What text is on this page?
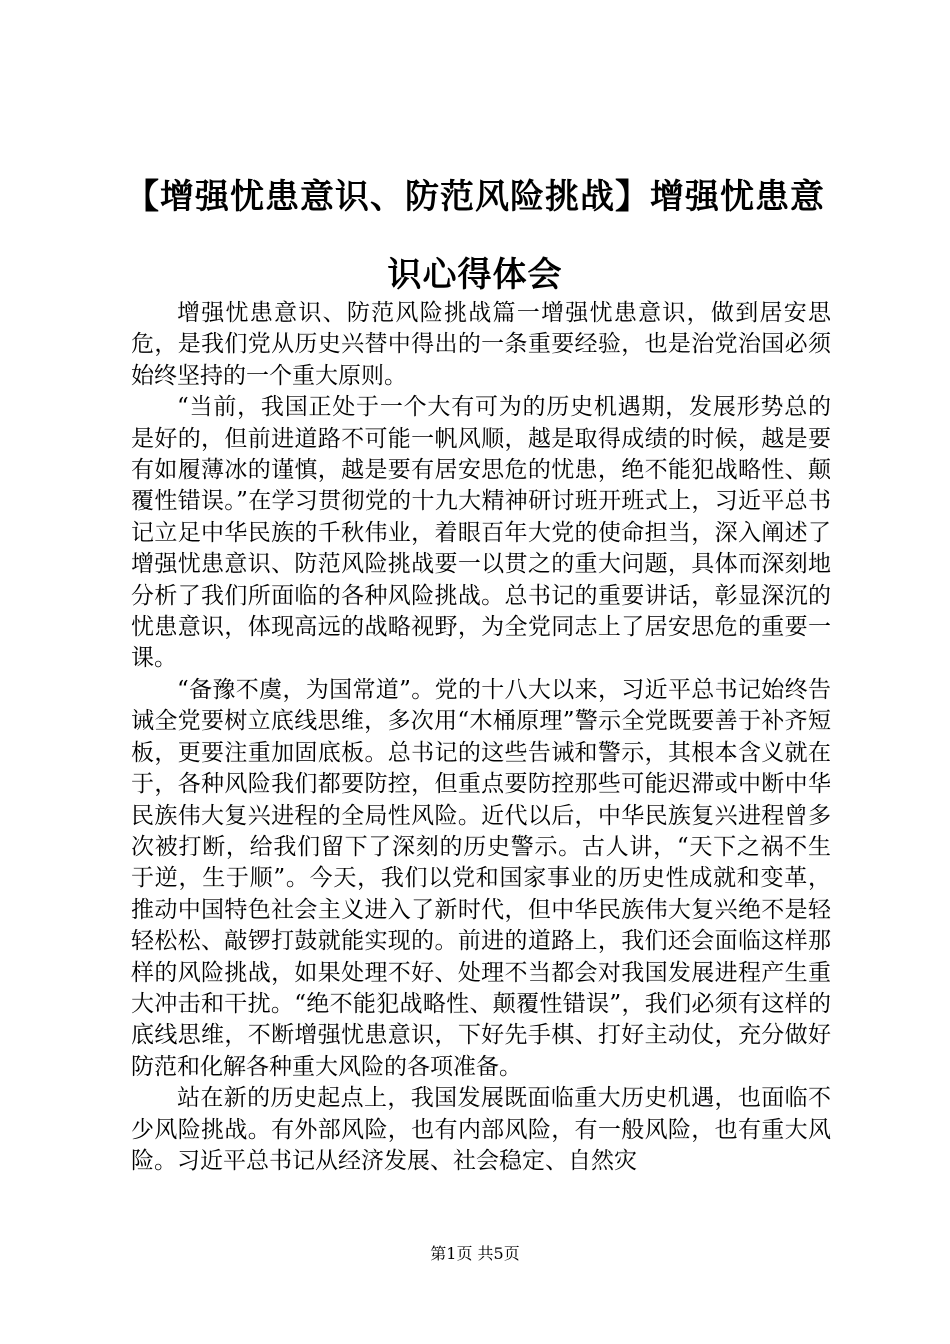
【增强忧患意识、防范风险挑战】增强忧患意识心得体会

增强忧患意识、防范风险挑战篇一增强忧患意识，做到居安思危，是我们党从历史兴替中得出的一条重要经验，也是治党治国必须始终坚持的一个重大原则。

“当前，我国正处于一个大有可为的历史机遇期，发展形势总的是好的，但前进道路不可能一帆风顺，越是取得成绩的时候，越是要有如履薄冰的谨慎，越是要有居安思危的忧患，绝不能犯战略性、颠覆性错误。”在学习贯彻党的十九大精神研讨班开班式上，习近平总书记立足中华民族的千秋伟业，着眼百年大党的使命担当，深入阐述了增强忧患意识、防范风险挑战要一以贯之的重大问题，具体而深刻地分析了我们所面临的各种风险挑战。总书记的重要讲话，彰显深沉的忧患意识，体现高远的战略视野，为全党同志上了居安思危的重要一课。

“备豫不虞，为国常道”。党的十八大以来，习近平总书记始终告诫全党要树立底线思维，多次用“木桶原理”警示全党既要善于补齐短板，更要注重加固底板。总书记的这些告诫和警示，其根本含义就在于，各种风险我们都要防控，但重点要防控那些可能迟滞或中断中华民族伟大复兴进程的全局性风险。近代以后，中华民族复兴进程曾多次被打断，给我们留下了深刻的历史警示。古人讲，“天下之祸不生于逆，生于顺”。今天，我们以党和国家事业的历史性成就和变革，推动中国特色社会主义进入了新时代，但中华民族伟大复兴绝不是轻轻松松、敲锣打鼓就能实现的。前进的道路上，我们还会面临这样那样的风险挑战，如果处理不好、处理不当都会对我国发展进程产生重大冲击和干扰。“绝不能犯战略性、颠覆性错误”，我们必须有这样的底线思维，不断增强忧患意识，下好先手棋、打好主动仗，充分做好防范和化解各种重大风险的各项准备。

站在新的历史起点上，我国发展既面临重大历史机遇，也面临不少风险挑战。有外部风险，也有内部风险，有一般风险，也有重大风险。习近平总书记从经济发展、社会稳定、自然灾

第1页 共5页
